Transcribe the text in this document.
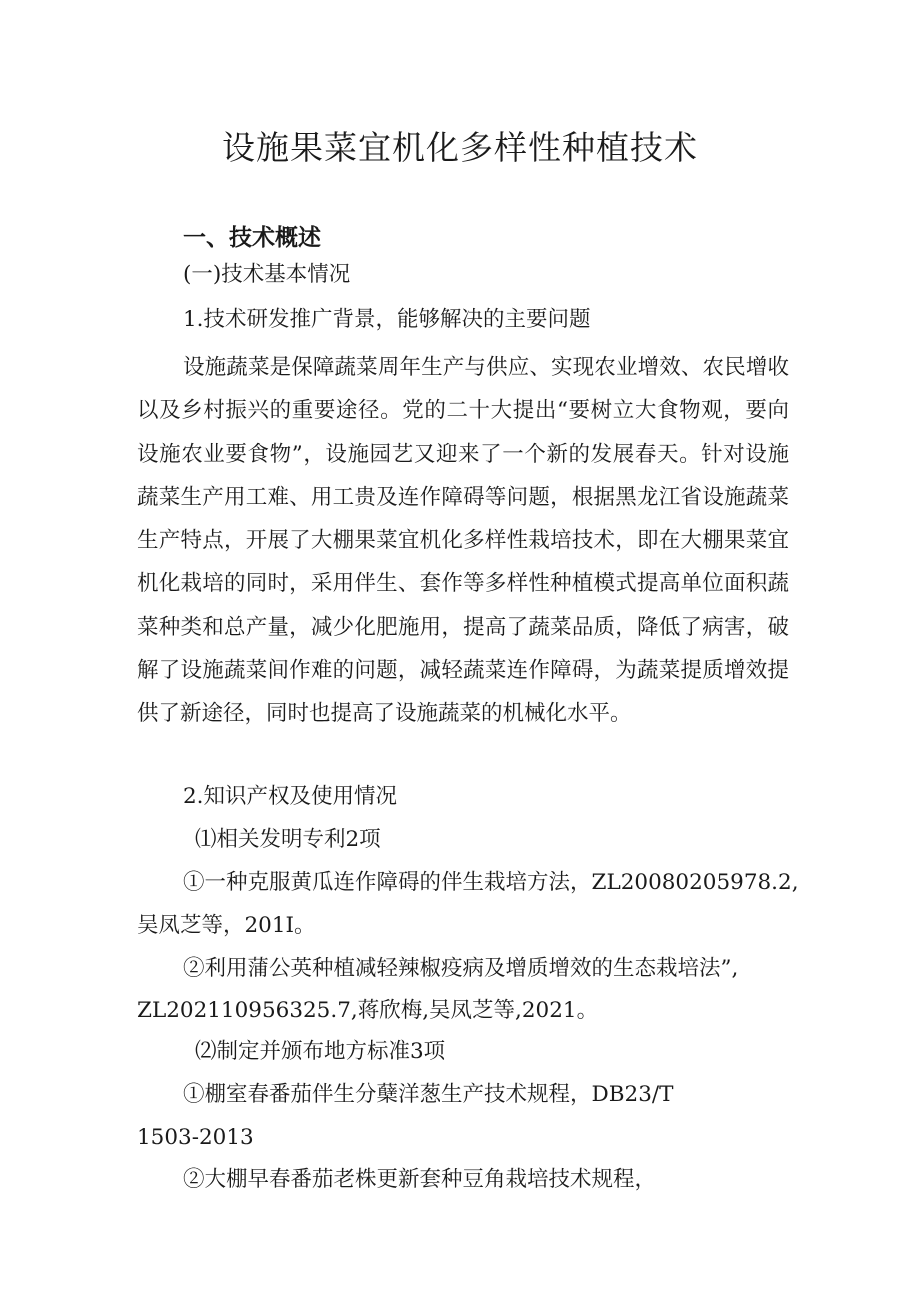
设施果菜宜机化多样性种植技术
一、技术概述

(一)技术基本情况

1.技术研发推广背景，能够解决的主要问题

设施蔬菜是保障蔬菜周年生产与供应、实现农业增效、农民增收以及乡村振兴的重要途径。党的二十大提出“要树立大食物观，要向设施农业要食物”，设施园艺又迎来了一个新的发展春天。针对设施蔬菜生产用工难、用工贵及连作障碍等问题，根据黑龙江省设施蔬菜生产特点，开展了大棚果菜宜机化多样性栽培技术，即在大棚果菜宜机化栽培的同时，采用伴生、套作等多样性种植模式提高单位面积蔬菜种类和总产量，减少化肥施用，提高了蔬菜品质，降低了病害，破解了设施蔬菜间作难的问题，减轻蔬菜连作障碍，为蔬菜提质增效提供了新途径，同时也提高了设施蔬菜的机械化水平。

2.知识产权及使用情况

⑴相关发明专利2项

①一种克服黄瓜连作障碍的伴生栽培方法，ZL20080205978.2,

吴凤芝等，201I。

②利用蒲公英种植减轻辣椒疫病及增质增效的生态栽培法”,

ZL202110956325.7,蒋欣梅,吴凤芝等,2021。

⑵制定并颁布地方标准3项

①棚室春番茄伴生分蘖洋葱生产技术规程，DB23/T

1503-2013

②大棚早春番茄老株更新套种豆角栽培技术规程，
